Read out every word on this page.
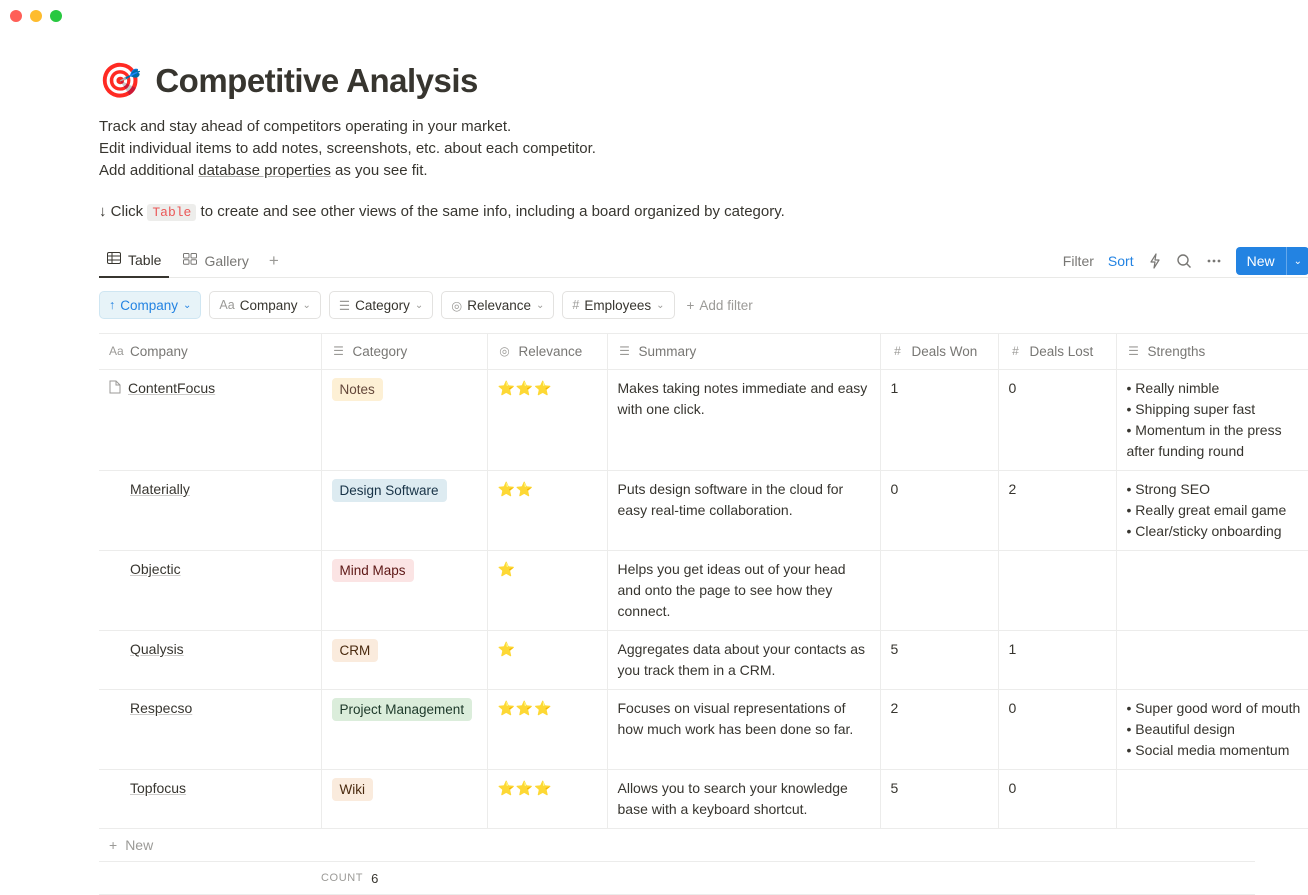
🎯 Competitive Analysis

Track and stay ahead of competitors operating in your market.

Edit individual items to add notes, screenshots, etc. about each competitor.

Add additional database properties as you see fit.

↓ Click Table to create and see other views of the same info, including a board organized by category.
Table	Gallery	+	Filter Sort	New	⌄
↑ Company ⌄ Aa Company ⌄ ☰ Category ⌄ ◎ Relevance ⌄ # Employees ⌄ + Add filter
Aa Company	☰ Category	◎ Relevance	☰ Summary	# Deals Won	# Deals Lost	☰ Strengths

ContentFocus	Notes	⭐⭐⭐	Makes taking notes immediate and easy with one click.	1	0	• Really nimble
• Shipping super fast
• Momentum in the press
after funding round

Materially	Design Software	⭐⭐	Puts design software in the cloud for easy real-time collaboration.	0	2	• Strong SEO
• Really great email game
• Clear/sticky onboarding

Objectic	Mind Maps	⭐	Helps you get ideas out of your head and onto the page to see how they connect.			
Qualysis	CRM	⭐	Aggregates data about your contacts as you track them in a CRM.	5	1	
Respecso	Project Management	⭐⭐⭐	Focuses on visual representations of how much work has been done so far.	2	0	• Super good word of mouth
• Beautiful design
• Social media momentum

Topfocus	Wiki	⭐⭐⭐	Allows you to search your knowledge base with a keyboard shortcut.	5	0	
+ New
COUNT 6
